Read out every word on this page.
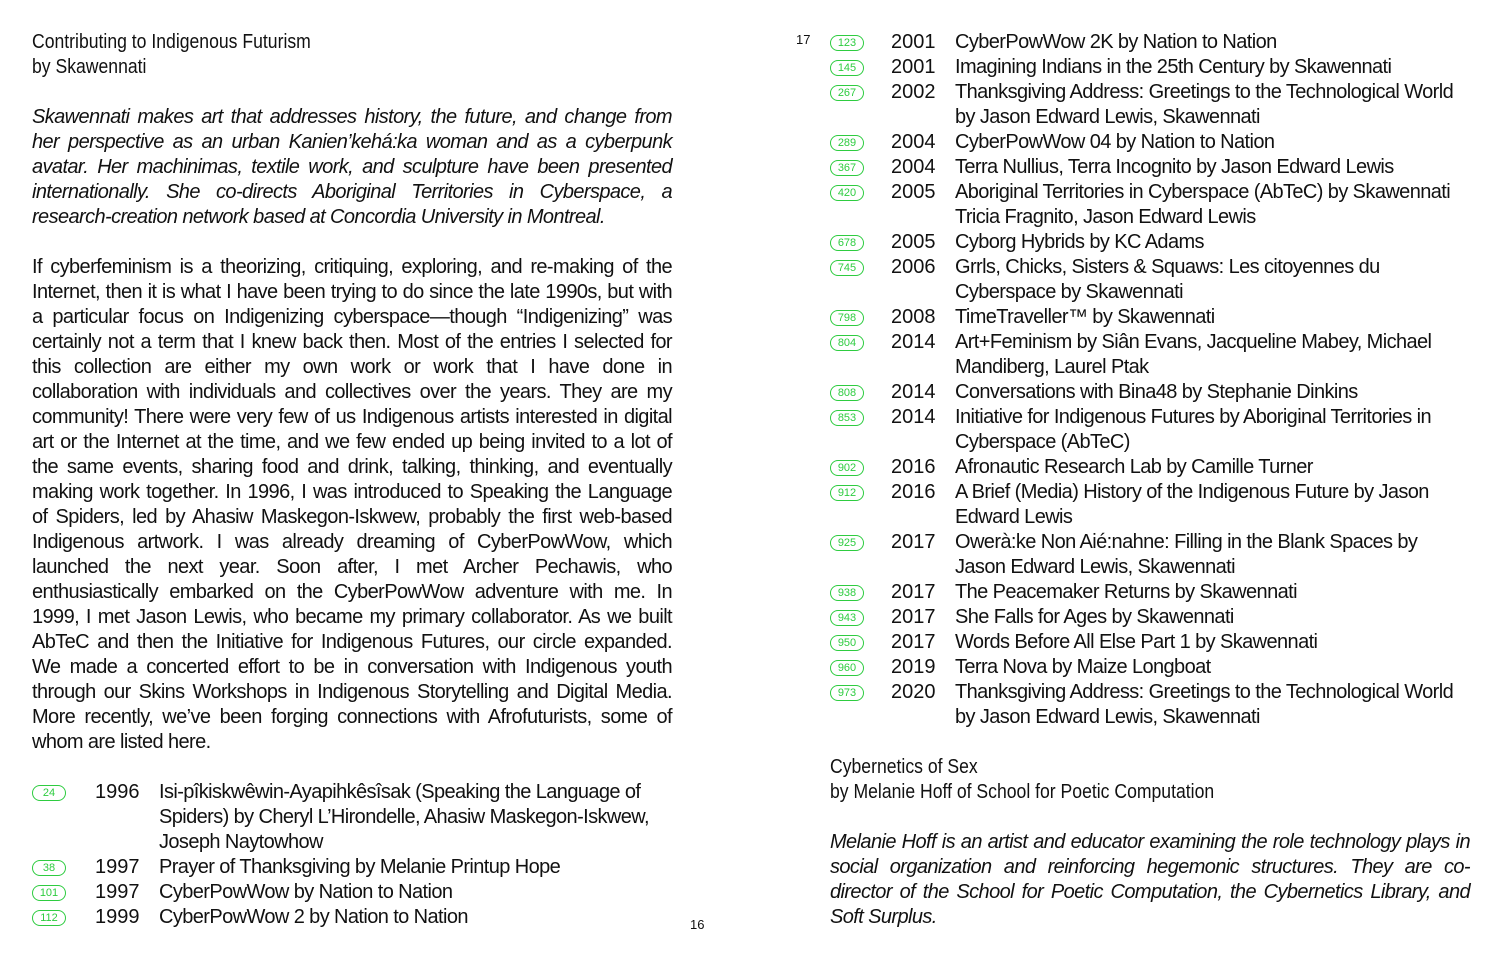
Contributing to Indigenous Futurism
by Skawennati
Skawennati makes art that addresses history, the future, and change from her perspective as an urban Kanien’kehá:ka woman and as a cyberpunk avatar. Her machinimas, textile work, and sculpture have been presented internationally. She co-directs Aboriginal Territories in Cyberspace, a research-creation network based at Concordia University in Montreal.
If cyberfeminism is a theorizing, critiquing, exploring, and re-making of the Internet, then it is what I have been trying to do since the late 1990s, but with a particular focus on Indigenizing cyberspace—though “Indigenizing” was certainly not a term that I knew back then. Most of the entries I selected for this collection are either my own work or work that I have done in collaboration with individuals and collectives over the years. They are my community! There were very few of us Indigenous artists interested in digital art or the Internet at the time, and we few ended up being invited to a lot of the same events, sharing food and drink, talking, thinking, and eventually making work together. In 1996, I was introduced to Speaking the Language of Spiders, led by Ahasiw Maskegon-Iskwew, probably the first web-based Indigenous artwork. I was already dreaming of CyberPowWow, which launched the next year. Soon after, I met Archer Pechawis, who enthusiastically embarked on the CyberPowWow adventure with me. In 1999, I met Jason Lewis, who became my primary collaborator. As we built AbTeC and then the Initiative for Indigenous Futures, our circle expanded. We made a concerted effort to be in conversation with Indigenous youth through our Skins Workshops in Indigenous Storytelling and Digital Media. More recently, we’ve been forging connections with Afrofuturists, some of whom are listed here.
24	1996 Isi-pîkiskwêwin-Ayapihkêsîsak (Speaking the Language of Spiders) by Cheryl L’Hirondelle, Ahasiw Maskegon-Iskwew, Joseph Naytowhow
38	1997 Prayer of Thanksgiving by Melanie Printup Hope
101	1997 CyberPowWow by Nation to Nation
112	1999 CyberPowWow 2 by Nation to Nation	16
17	123	2001 CyberPowWow 2K by Nation to Nation
145	2001 Imagining Indians in the 25th Century by Skawennati
267	2002 Thanksgiving Address: Greetings to the Technological World by Jason Edward Lewis, Skawennati
289	2004 CyberPowWow 04 by Nation to Nation
367	2004 Terra Nullius, Terra Incognito by Jason Edward Lewis
420	2005 Aboriginal Territories in Cyberspace (AbTeC) by Skawennati Tricia Fragnito, Jason Edward Lewis
678	2005 Cyborg Hybrids by KC Adams
745	2006 Grrls, Chicks, Sisters & Squaws: Les citoyennes du Cyberspace by Skawennati
798	2008 TimeTraveller™ by Skawennati
804	2014 Art+Feminism by Siân Evans, Jacqueline Mabey, Michael Mandiberg, Laurel Ptak
808	2014 Conversations with Bina48 by Stephanie Dinkins
853	2014 Initiative for Indigenous Futures by Aboriginal Territories in Cyberspace (AbTeC)
902	2016 Afronautic Research Lab by Camille Turner
912	2016 A Brief (Media) History of the Indigenous Future by Jason Edward Lewis
925	2017 Owerà:ke Non Aié:nahne: Filling in the Blank Spaces by Jason Edward Lewis, Skawennati
938	2017 The Peacemaker Returns by Skawennati
943	2017 She Falls for Ages by Skawennati
950	2017 Words Before All Else Part 1 by Skawennati
960	2019 Terra Nova by Maize Longboat
973	2020 Thanksgiving Address: Greetings to the Technological World by Jason Edward Lewis, Skawennati
Cybernetics of Sex
by Melanie Hoff of School for Poetic Computation
Melanie Hoff is an artist and educator examining the role technology plays in social organization and reinforcing hegemonic structures. They are co-director of the School for Poetic Computation, the Cybernetics Library, and Soft Surplus.
